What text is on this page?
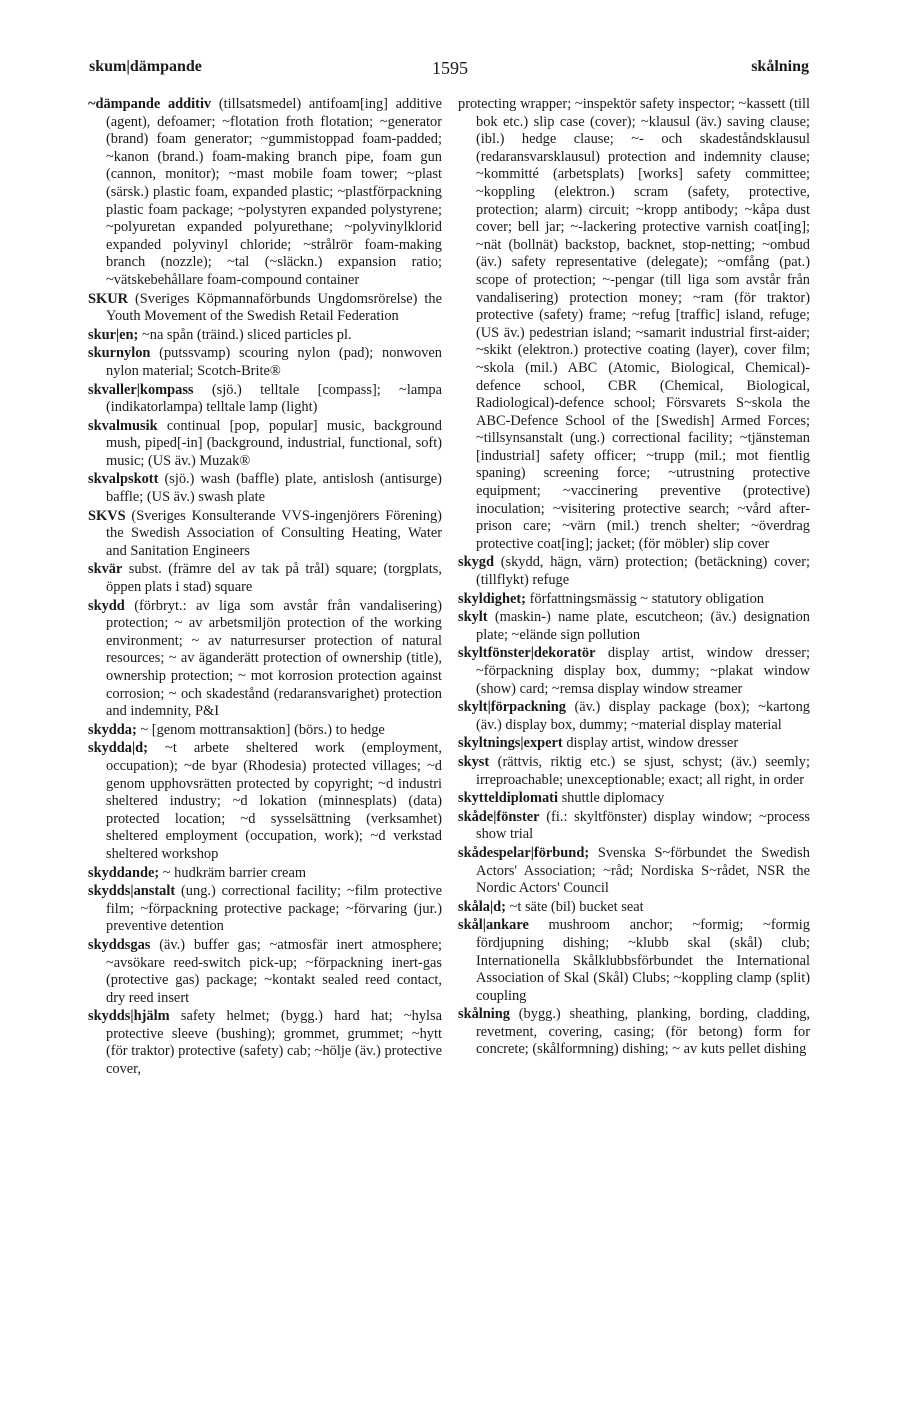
skum|dämpande	1595	skålning

~dämpande additiv (tillsatsmedel) antifoam[ing] additive (agent), defoamer; ~flotation froth flotation; ~generator (brand) foam generator; ~gummistoppad foam-padded; ~kanon (brand.) foam-making branch pipe, foam gun (cannon, monitor); ~mast mobile foam tower; ~plast (särsk.) plastic foam, expanded plastic; ~plastförpackning plastic foam package; ~polystyren expanded polystyrene; ~polyuretan expanded polyurethane; ~polyvinylklorid expanded polyvinyl chloride; ~strålrör foam-making branch (nozzle); ~tal (~släckn.) expansion ratio; ~vätskebehållare foam-compound container

SKUR (Sveriges Köpmannaförbunds Ungdomsrörelse) the Youth Movement of the Swedish Retail Federation

skur|en; ~na spån (träind.) sliced particles pl.

skurnylon (putssvamp) scouring nylon (pad); nonwoven nylon material; Scotch-Brite®

skvaller|kompass (sjö.) telltale [compass]; ~lampa (indikatorlampa) telltale lamp (light)

skvalmusik continual [pop, popular] music, background mush, piped[-in] (background, industrial, functional, soft) music; (US äv.) Muzak®

skvalpskott (sjö.) wash (baffle) plate, antislosh (antisurge) baffle; (US äv.) swash plate

SKVS (Sveriges Konsulterande VVS-ingenjörers Förening) the Swedish Association of Consulting Heating, Water and Sanitation Engineers

skvär subst. (främre del av tak på trål) square; (torgplats, öppen plats i stad) square

skydd (förbryt.: av liga som avstår från vandalisering) protection; ~ av arbetsmiljön protection of the working environment; ~ av naturresurser protection of natural resources; ~ av äganderätt protection of ownership (title), ownership protection; ~ mot korrosion protection against corrosion; ~ och skadestånd (redaransvarighet) protection and indemnity, P&I

skydda; ~ [genom mottransaktion] (börs.) to hedge

skydda|d; ~t arbete sheltered work (employment, occupation); ~de byar (Rhodesia) protected villages; ~d genom upphovsrätten protected by copyright; ~d industri sheltered industry; ~d lokation (minnesplats) (data) protected location; ~d sysselsättning (verksamhet) sheltered employment (occupation, work); ~d verkstad sheltered workshop

skyddande; ~ hudkräm barrier cream

skydds|anstalt (ung.) correctional facility; ~film protective film; ~förpackning protective package; ~förvaring (jur.) preventive detention

skyddsgas (äv.) buffer gas; ~atmosfär inert atmosphere; ~avsökare reed-switch pick-up; ~förpackning inert-gas (protective gas) package; ~kontakt sealed reed contact, dry reed insert

skydds|hjälm safety helmet; (bygg.) hard hat; ~hylsa protective sleeve (bushing); grommet, grummet; ~hytt (för traktor) protective (safety) cab; ~hölje (äv.) protective cover,

protecting wrapper; ~inspektör safety inspector; ~kassett (till bok etc.) slip case (cover); ~klausul (äv.) saving clause; (ibl.) hedge clause; ~- och skadeståndsklausul (redaransvarsklausul) protection and indemnity clause; ~kommitté (arbetsplats) [works] safety committee; ~koppling (elektron.) scram (safety, protective, protection; alarm) circuit; ~kropp antibody; ~kåpa dust cover; bell jar; ~-lackering protective varnish coat[ing]; ~nät (bollnät) backstop, backnet, stop-netting; ~ombud (äv.) safety representative (delegate); ~omfång (pat.) scope of protection; ~-pengar (till liga som avstår från vandalisering) protection money; ~ram (för traktor) protective (safety) frame; ~refug [traffic] island, refuge; (US äv.) pedestrian island; ~samarit industrial first-aider; ~skikt (elektron.) protective coating (layer), cover film; ~skola (mil.) ABC (Atomic, Biological, Chemical)-defence school, CBR (Chemical, Biological, Radiological)-defence school; Försvarets S~skola the ABC-Defence School of the [Swedish] Armed Forces; ~tillsynsanstalt (ung.) correctional facility; ~tjänsteman [industrial] safety officer; ~trupp (mil.; mot fientlig spaning) screening force; ~utrustning protective equipment; ~vaccinering preventive (protective) inoculation; ~visitering protective search; ~vård after-prison care; ~värn (mil.) trench shelter; ~överdrag protective coat[ing]; jacket; (för möbler) slip cover

skygd (skydd, hägn, värn) protection; (betäckning) cover; (tillflykt) refuge

skyldighet; författningsmässig ~ statutory obligation

skylt (maskin-) name plate, escutcheon; (äv.) designation plate; ~elände sign pollution

skyltfönster|dekoratör display artist, window dresser; ~förpackning display box, dummy; ~plakat window (show) card; ~remsa display window streamer

skylt|förpackning (äv.) display package (box); ~kartong (äv.) display box, dummy; ~material display material

skyltnings|expert display artist, window dresser

skyst (rättvis, riktig etc.) se sjust, schyst; (äv.) seemly; irreproachable; unexceptionable; exact; all right, in order

skytteldiplomati shuttle diplomacy

skåde|fönster (fi.: skyltfönster) display window; ~process show trial

skådespelar|förbund; Svenska S~förbundet the Swedish Actors' Association; ~råd; Nordiska S~rådet, NSR the Nordic Actors' Council

skåla|d; ~t säte (bil) bucket seat

skål|ankare mushroom anchor; ~formig; ~formig fördjupning dishing; ~klubb skal (skål) club; Internationella Skålklubbsförbundet the International Association of Skal (Skål) Clubs; ~koppling clamp (split) coupling

skålning (bygg.) sheathing, planking, bording, cladding, revetment, covering, casing; (för betong) form for concrete; (skålformning) dishing; ~ av kuts pellet dishing
